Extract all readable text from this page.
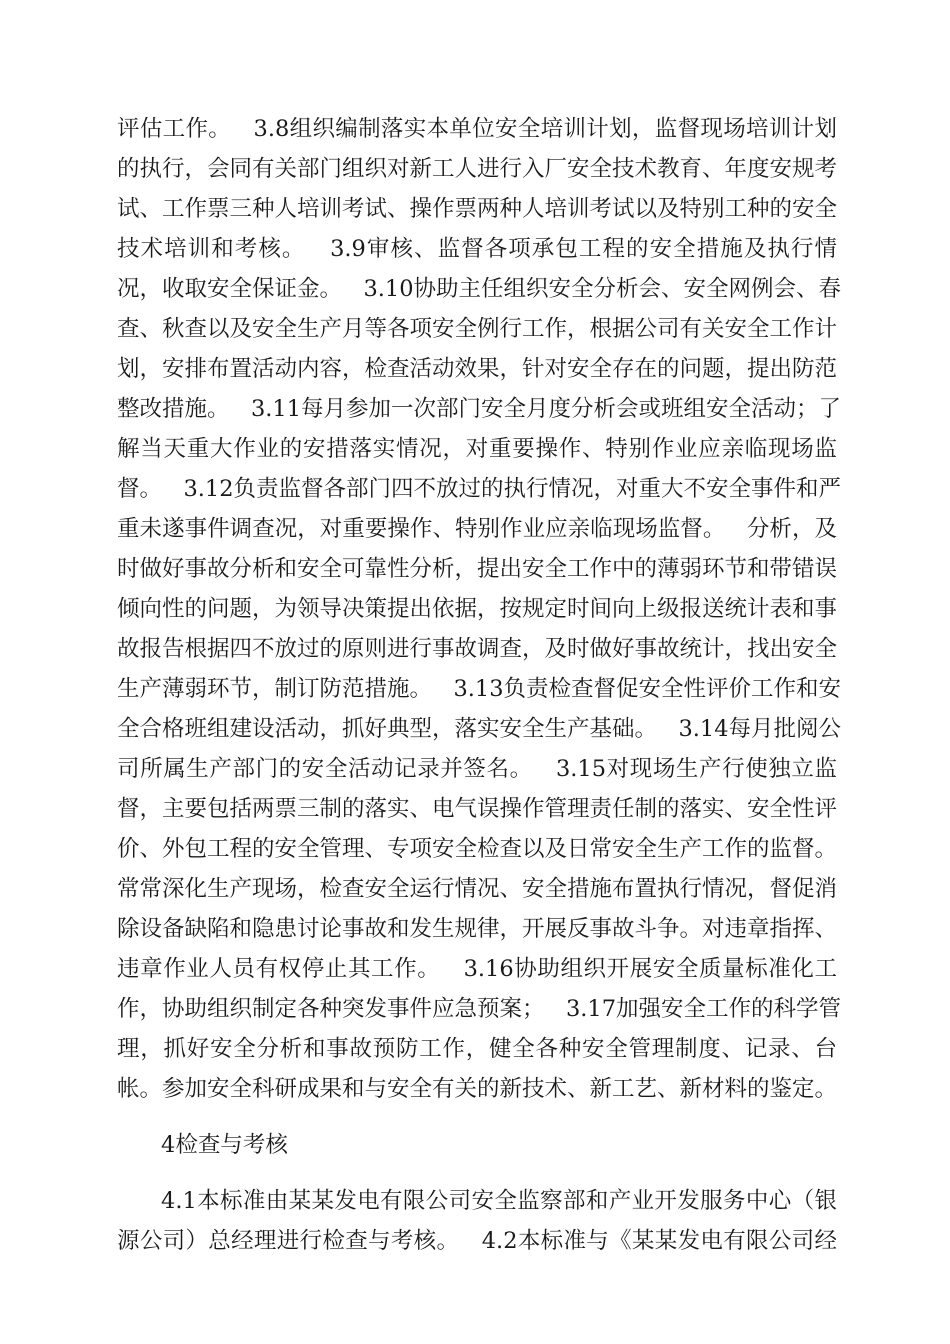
评估工作。   3.8组织编制落实本单位安全培训计划，监督现场培训计划
的执行，会同有关部门组织对新工人进行入厂安全技术教育、年度安规考
试、工作票三种人培训考试、操作票两种人培训考试以及特别工种的安全
技术培训和考核。   3.9审核、监督各项承包工程的安全措施及执行情
况，收取安全保证金。   3.10协助主任组织安全分析会、安全网例会、春
查、秋查以及安全生产月等各项安全例行工作，根据公司有关安全工作计
划，安排布置活动内容，检查活动效果，针对安全存在的问题，提出防范
整改措施。   3.11每月参加一次部门安全月度分析会或班组安全活动；了
解当天重大作业的安措落实情况，对重要操作、特别作业应亲临现场监
督。   3.12负责监督各部门四不放过的执行情况，对重大不安全事件和严
重未遂事件调查况，对重要操作、特别作业应亲临现场监督。   分析，及
时做好事故分析和安全可靠性分析，提出安全工作中的薄弱环节和带错误
倾向性的问题，为领导决策提出依据，按规定时间向上级报送统计表和事
故报告根据四不放过的原则进行事故调查，及时做好事故统计，找出安全
生产薄弱环节，制订防范措施。   3.13负责检查督促安全性评价工作和安
全合格班组建设活动，抓好典型，落实安全生产基础。   3.14每月批阅公
司所属生产部门的安全活动记录并签名。   3.15对现场生产行使独立监
督，主要包括两票三制的落实、电气误操作管理责任制的落实、安全性评
价、外包工程的安全管理、专项安全检查以及日常安全生产工作的监督。
常常深化生产现场，检查安全运行情况、安全措施布置执行情况，督促消
除设备缺陷和隐患讨论事故和发生规律，开展反事故斗争。对违章指挥、
违章作业人员有权停止其工作。   3.16协助组织开展安全质量标准化工
作，协助组织制定各种突发事件应急预案；   3.17加强安全工作的科学管
理，抓好安全分析和事故预防工作，健全各种安全管理制度、记录、台
帐。参加安全科研成果和与安全有关的新技术、新工艺、新材料的鉴定。
4检查与考核
4.1本标准由某某发电有限公司安全监察部和产业开发服务中心（银
源公司）总经理进行检查与考核。   4.2本标准与《某某发电有限公司经
